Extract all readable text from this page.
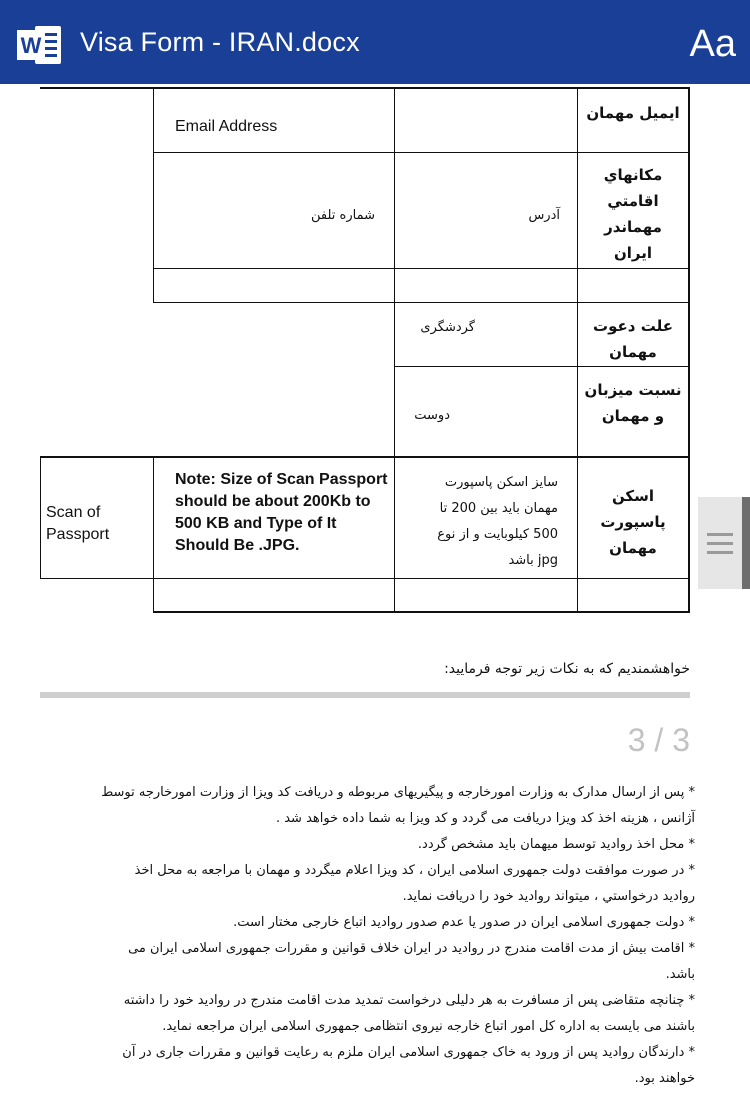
W Visa Form - IRAN.docx	Aa
ايميل مهمان
Email Address
مکانهاي اقامتي مهماندر ايران
آدرس
شماره تلفن
علت دعوت مهمان
گردشگری
نسبت میزبان و مهمان
دوست
اسکن پاسپورت مهمان
سایز اسکن پاسپورت مهمان باید بین 200 تا 500 کیلوبایت و از نوع jpg باشد
Note: Size of Scan Passport should be about 200Kb to 500 KB and Type of It Should Be .JPG.
Scan of Passport
خواهشمندیم که به نکات زیر توجه فرمایید:
3 / 3

* پس از ارسال مدارک به وزارت امورخارجه و پیگیریهای مربوطه و دریافت کد ویزا از وزارت امورخارجه توسط آژانس ، هزینه اخذ کد ویزا دریافت می گردد و کد ویزا به شما داده خواهد شد .

* محل اخذ روادید توسط میهمان باید مشخص گردد.

* در صورت موافقت دولت جمهوری اسلامی ایران ، کد ویزا اعلام میگردد و مهمان با مراجعه به محل اخذ روادید درخواستي ، میتواند روادید خود را دریافت نماید.

* دولت جمهوری اسلامی ایران در صدور یا عدم صدور روادید اتباع خارجی مختار است.

* اقامت بیش از مدت اقامت مندرج در روادید در ایران خلاف قوانین و مقررات جمهوری اسلامی ایران می باشد.

* چنانچه متقاضی پس از مسافرت به هر دلیلی درخواست تمدید مدت اقامت مندرج در روادید خود را داشته باشند می بایست به اداره کل امور اتباع خارجه نیروی انتظامی جمهوری اسلامی ایران مراجعه نماید.

* دارندگان روادید پس از ورود به خاک جمهوری اسلامی ایران ملزم به رعایت قوانین و مقررات جاری در آن خواهند بود.
